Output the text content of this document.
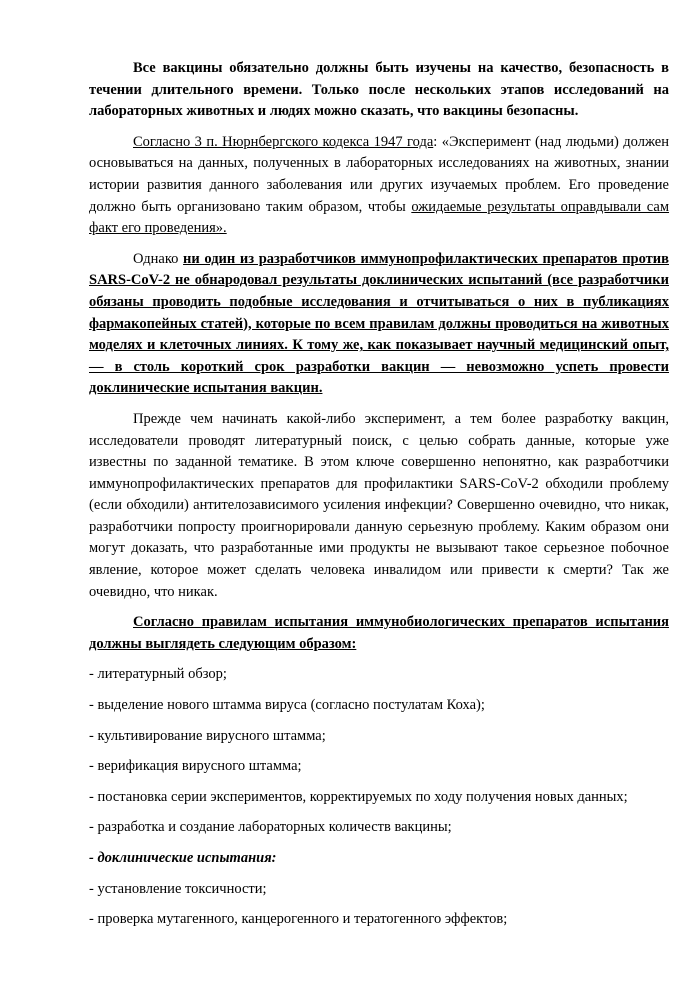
Все вакцины обязательно должны быть изучены на качество, безопасность в течении длительного времени. Только после нескольких этапов исследований на лабораторных животных и людях можно сказать, что вакцины безопасны.

Согласно 3 п. Нюрнбергского кодекса 1947 года: «Эксперимент (над людьми) должен основываться на данных, полученных в лабораторных исследованиях на животных, знании истории развития данного заболевания или других изучаемых проблем. Его проведение должно быть организовано таким образом, чтобы ожидаемые результаты оправдывали сам факт его проведения».

Однако ни один из разработчиков иммунопрофилактических препаратов против SARS-CoV-2 не обнародовал результаты доклинических испытаний (все разработчики обязаны проводить подобные исследования и отчитываться о них в публикациях фармакопейных статей), которые по всем правилам должны проводиться на животных моделях и клеточных линиях. К тому же, как показывает научный медицинский опыт, — в столь короткий срок разработки вакцин — невозможно успеть провести доклинические испытания вакцин.

Прежде чем начинать какой-либо эксперимент, а тем более разработку вакцин, исследователи проводят литературный поиск, с целью собрать данные, которые уже известны по заданной тематике. В этом ключе совершенно непонятно, как разработчики иммунопрофилактических препаратов для профилактики SARS-CoV-2 обходили проблему (если обходили) антителозависимого усиления инфекции? Совершенно очевидно, что никак, разработчики попросту проигнорировали данную серьезную проблему. Каким образом они могут доказать, что разработанные ими продукты не вызывают такое серьезное побочное явление, которое может сделать человека инвалидом или привести к смерти? Так же очевидно, что никак.

Согласно правилам испытания иммунобиологических препаратов испытания должны выглядеть следующим образом:

- литературный обзор;

- выделение нового штамма вируса (согласно постулатам Коха);

- культивирование вирусного штамма;

- верификация вирусного штамма;

- постановка серии экспериментов, корректируемых по ходу получения новых данных;

- разработка и создание лабораторных количеств вакцины;

- доклинические испытания:

- установление токсичности;

- проверка мутагенного, канцерогенного и тератогенного эффектов;
